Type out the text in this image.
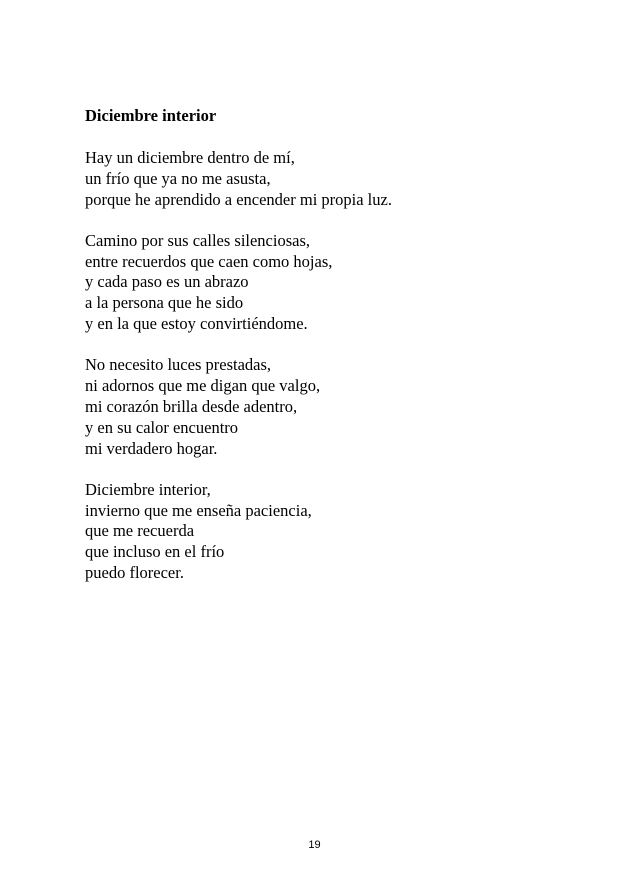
Diciembre interior
Hay un diciembre dentro de mí,
un frío que ya no me asusta,
porque he aprendido a encender mi propia luz.
Camino por sus calles silenciosas,
entre recuerdos que caen como hojas,
y cada paso es un abrazo
a la persona que he sido
y en la que estoy convirtiéndome.
No necesito luces prestadas,
ni adornos que me digan que valgo,
mi corazón brilla desde adentro,
y en su calor encuentro
mi verdadero hogar.
Diciembre interior,
invierno que me enseña paciencia,
que me recuerda
que incluso en el frío
puedo florecer.
19
